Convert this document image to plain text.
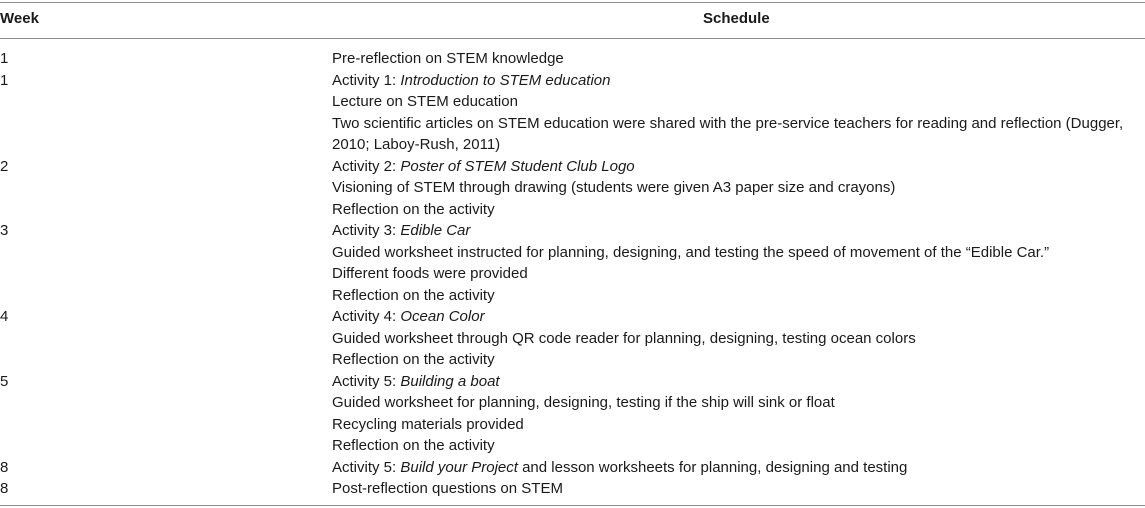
Week	Schedule
1	Pre-reflection on STEM knowledge
1	Activity 1: Introduction to STEM education
Lecture on STEM education
Two scientific articles on STEM education were shared with the pre-service teachers for reading and reflection (Dugger, 2010; Laboy-Rush, 2011)
2	Activity 2: Poster of STEM Student Club Logo
Visioning of STEM through drawing (students were given A3 paper size and crayons)
Reflection on the activity
3	Activity 3: Edible Car
Guided worksheet instructed for planning, designing, and testing the speed of movement of the “Edible Car.”
Different foods were provided
Reflection on the activity
4	Activity 4: Ocean Color
Guided worksheet through QR code reader for planning, designing, testing ocean colors
Reflection on the activity
5	Activity 5: Building a boat
Guided worksheet for planning, designing, testing if the ship will sink or float
Recycling materials provided
Reflection on the activity
8	Activity 5: Build your Project and lesson worksheets for planning, designing and testing
8	Post-reflection questions on STEM
